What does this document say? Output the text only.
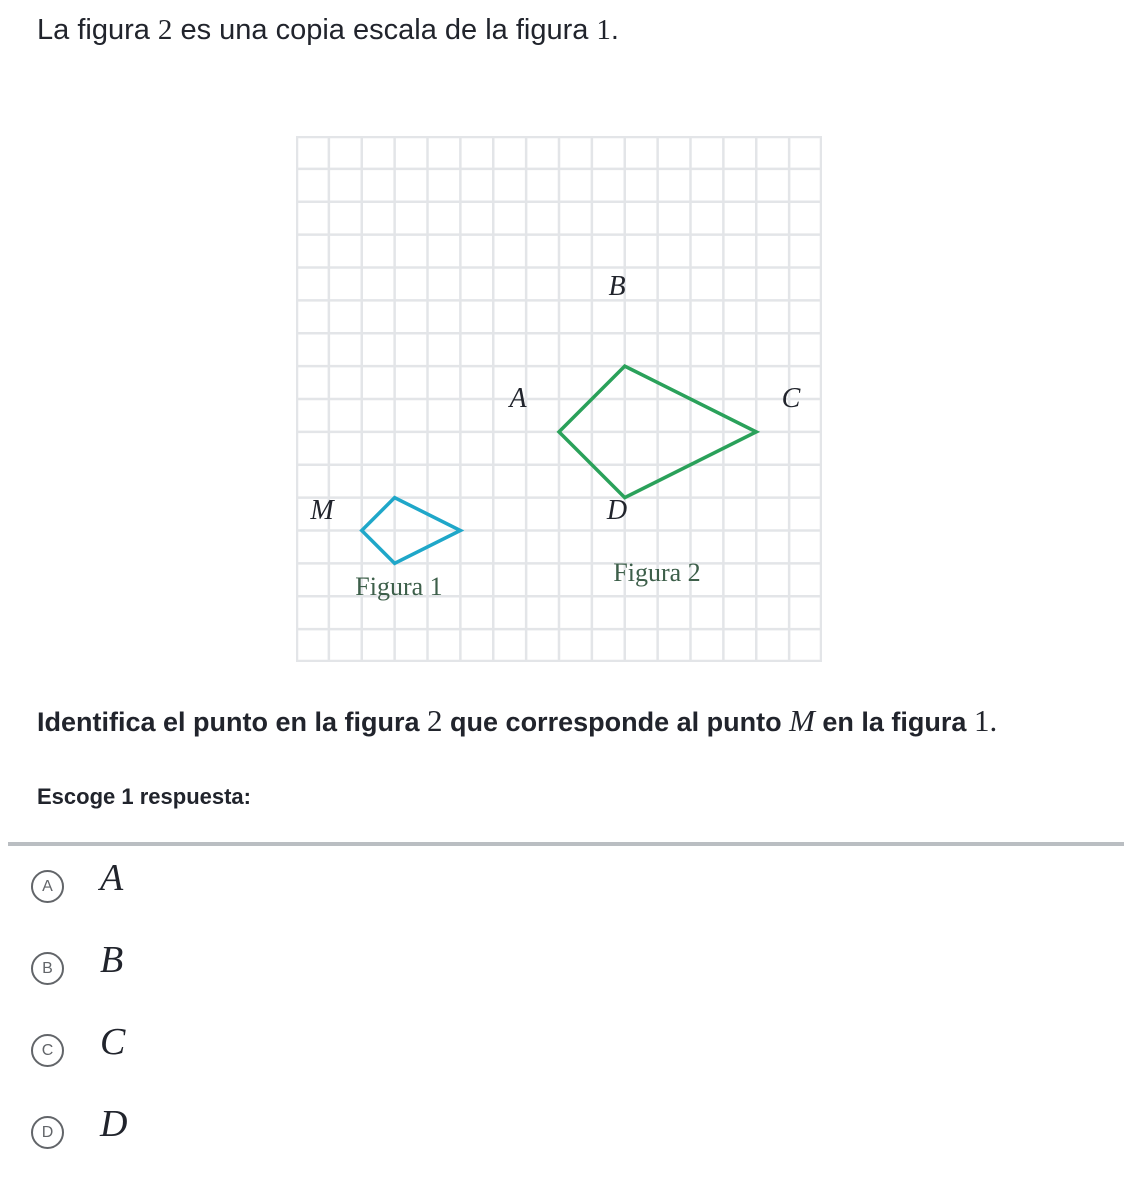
La figura 2 es una copia escala de la figura 1.

M
A
B
C
D
Figura 1	Figura 2

Identifica el punto en la figura 2 que corresponde al punto M en la figura 1.

Escoge 1 respuesta:

A A
B B
C C
D D
